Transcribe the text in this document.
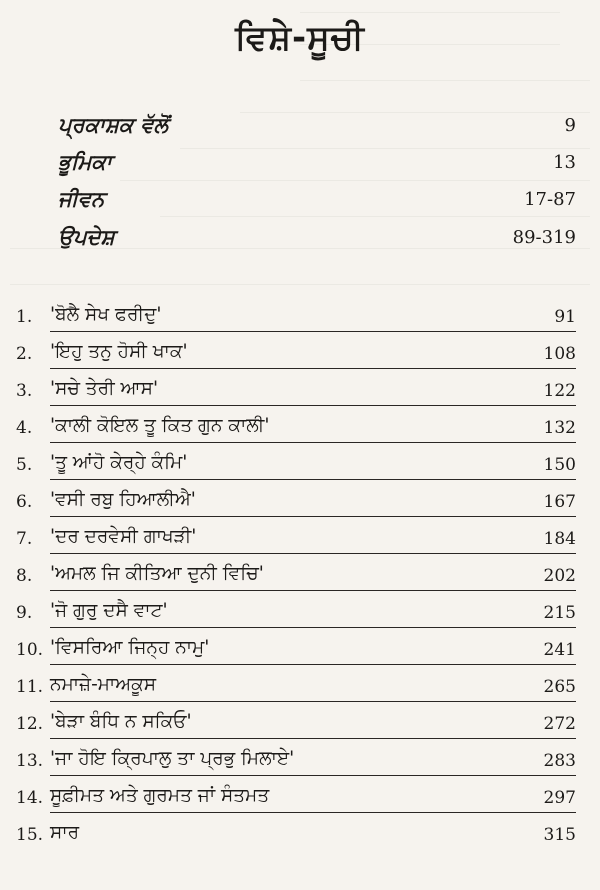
ਵਿਸ਼ੇ-ਸੂਚੀ
ਪ੍ਰਕਾਸ਼ਕ ਵੱਲੋਂ	9
ਭੂਮਿਕਾ	13
ਜੀਵਨ	17-87
ਉਪਦੇਸ਼	89-319
1. 'ਬੋਲੈ ਸੇਖ ਫਰੀਦੁ'	91
2. 'ਇਹੁ ਤਨੁ ਹੋਸੀ ਖਾਕ'	108
3. 'ਸਚੇ ਤੇਰੀ ਆਸ'	122
4. 'ਕਾਲੀ ਕੋਇਲ ਤੂ ਕਿਤ ਗੁਨ ਕਾਲੀ'	132
5. 'ਤੂ ਆਂਹੋ ਕੇਰ੍ਹੇ ਕੰਮਿ'	150
6. 'ਵਸੀ ਰਬੁ ਹਿਆਲੀਐ'	167
7. 'ਦਰ ਦਰਵੇਸੀ ਗਾਖੜੀ'	184
8. 'ਅਮਲ ਜਿ ਕੀਤਿਆ ਦੁਨੀ ਵਿਚਿ'	202
9. 'ਜੋ ਗੁਰੁ ਦਸੈ ਵਾਟ'	215
10. 'ਵਿਸਰਿਆ ਜਿਨ੍ਹ ਨਾਮੁ'	241
11. ਨਮਾਜ਼ੇ-ਮਾਅਕੂਸ	265
12. 'ਬੇੜਾ ਬੰਧਿ ਨ ਸਕਿਓ'	272
13. 'ਜਾ ਹੋਇ ਕ੍ਰਿਪਾਲੁ ਤਾ ਪ੍ਰਭੁ ਮਿਲਾਏ'	283
14. ਸੂਫ਼ੀਮਤ ਅਤੇ ਗੁਰਮਤ ਜਾਂ ਸੰਤਮਤ	297
15. ਸਾਰ	315
